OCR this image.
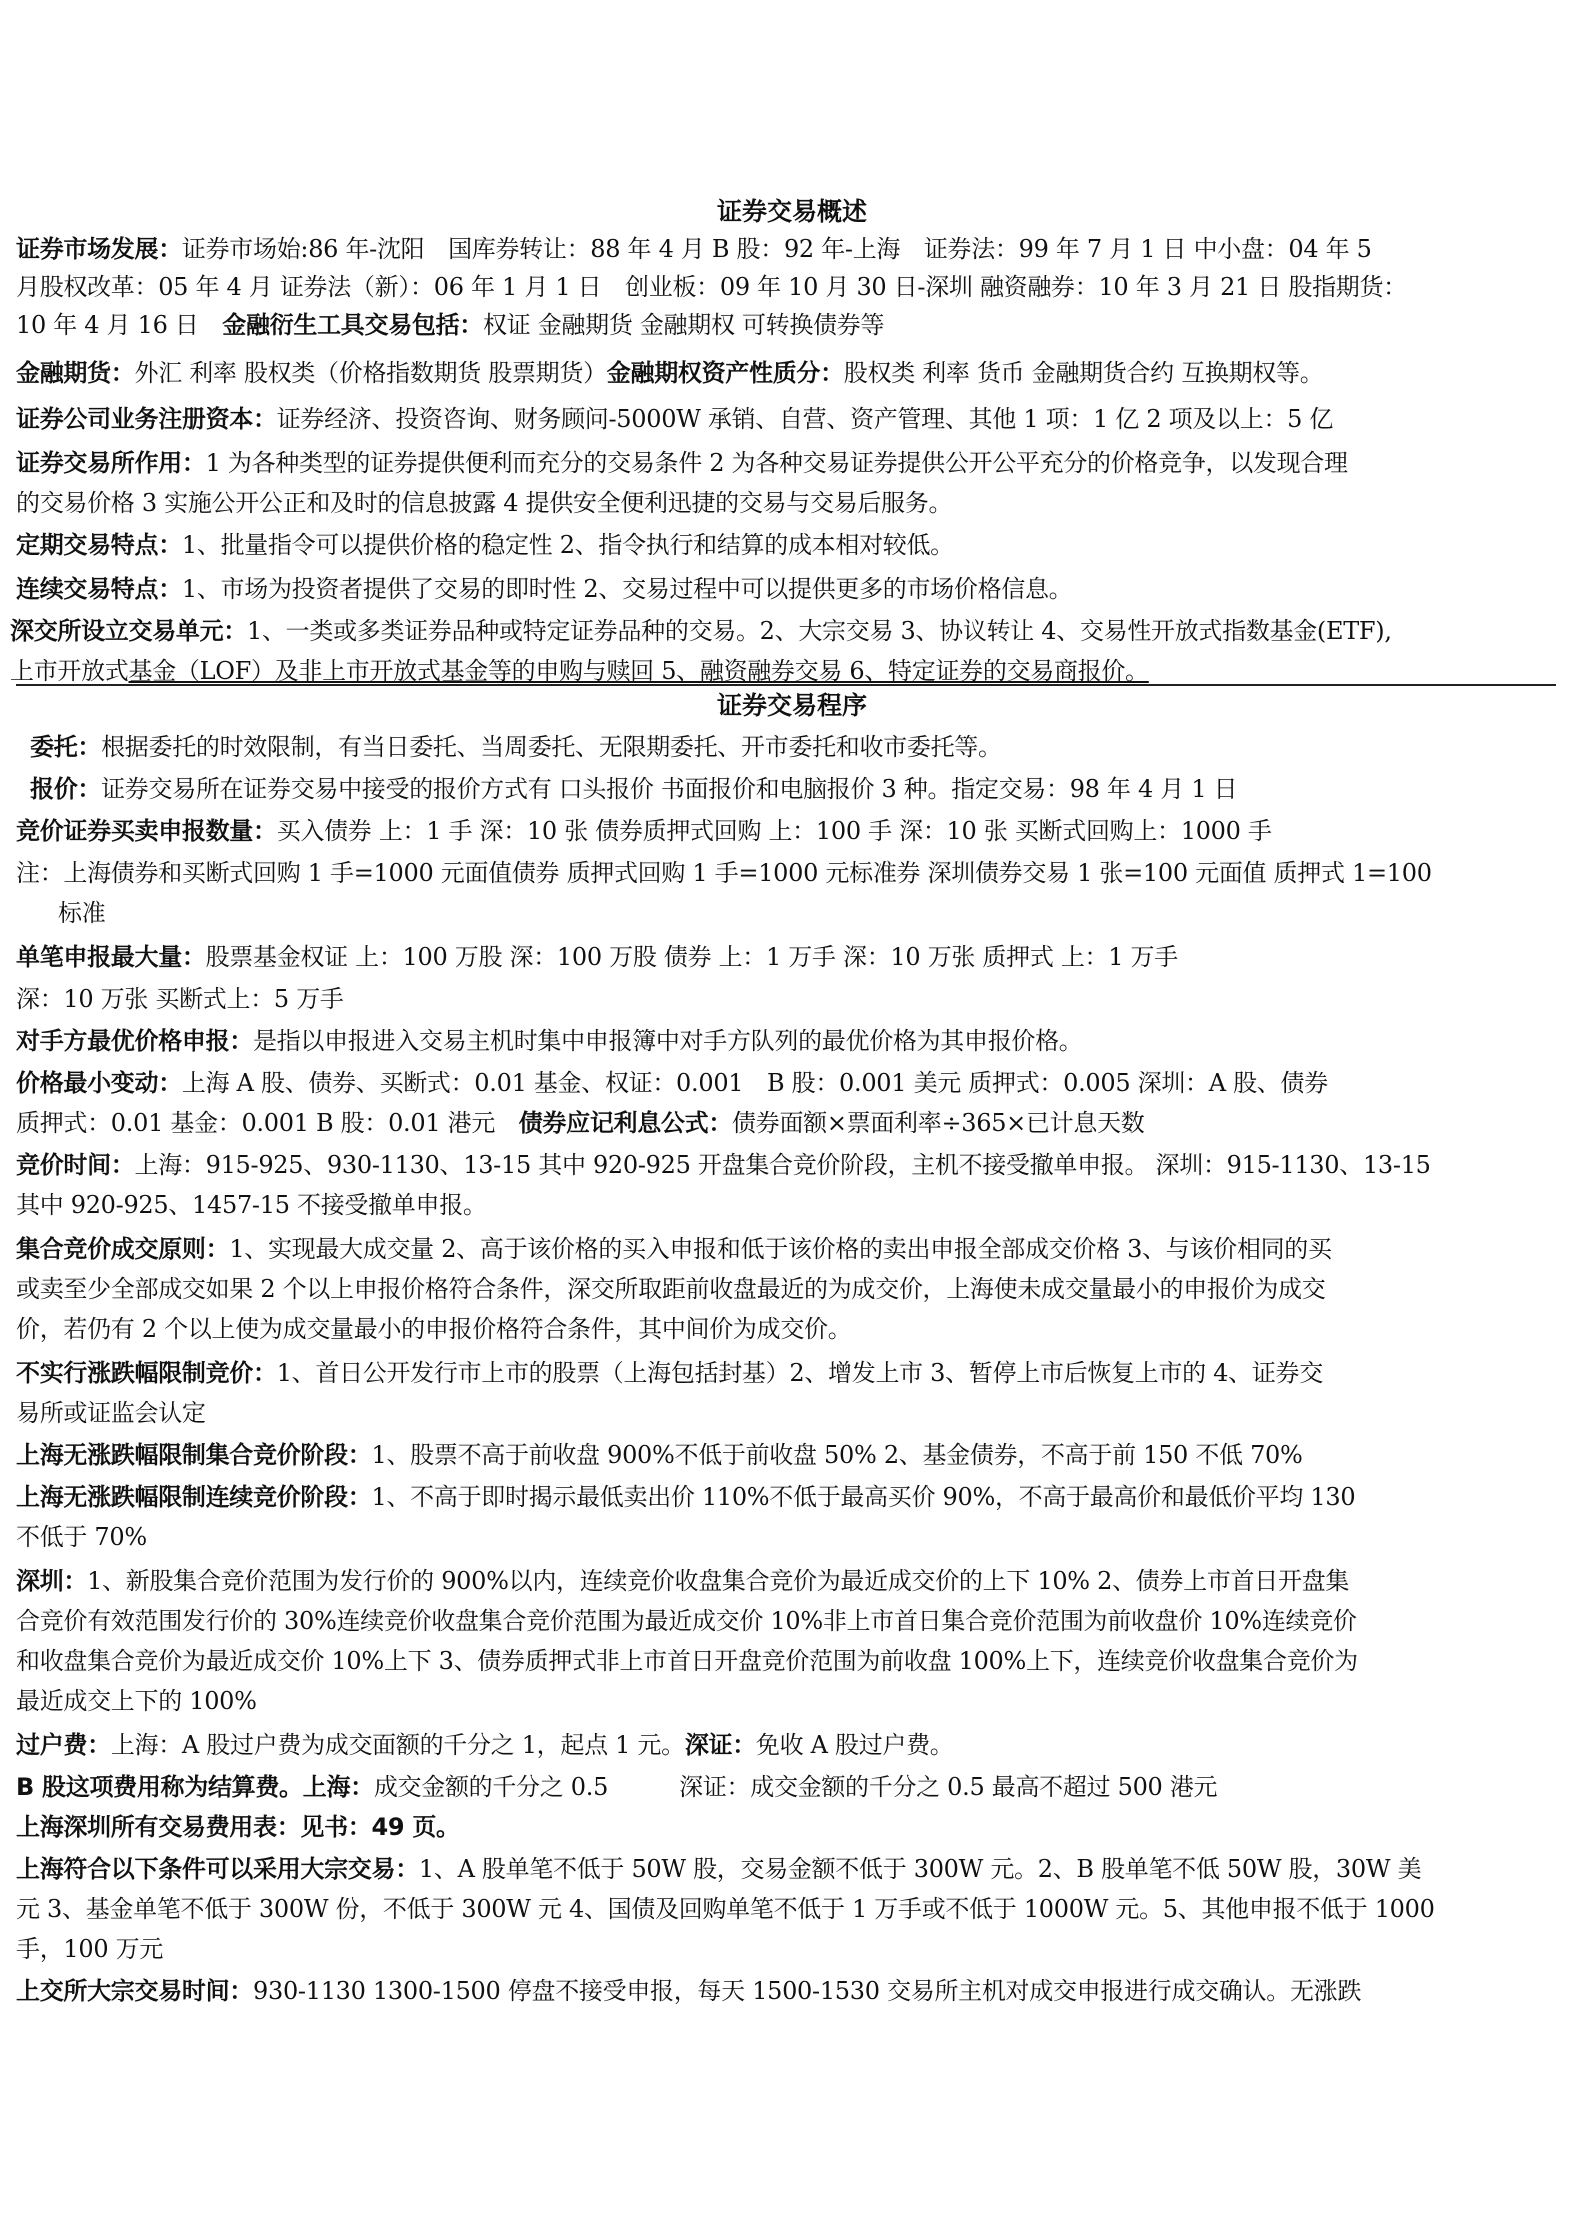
证券交易概述
证券市场发展：证券市场始:86 年-沈阳　国库券转让：88 年 4 月 B 股：92 年-上海　证券法：99 年 7 月 1 日 中小盘：04 年 5
月股权改革：05 年 4 月 证券法（新）：06 年 1 月 1 日　创业板：09 年 10 月 30 日-深圳 融资融券：10 年 3 月 21 日 股指期货：
10 年 4 月 16 日　金融衍生工具交易包括：权证 金融期货 金融期权 可转换债券等
金融期货：外汇 利率 股权类（价格指数期货 股票期货）金融期权资产性质分：股权类 利率 货币 金融期货合约 互换期权等。
证券公司业务注册资本：证券经济、投资咨询、财务顾问-5000W 承销、自营、资产管理、其他 1 项：1 亿 2 项及以上：5 亿
证券交易所作用：1 为各种类型的证券提供便利而充分的交易条件 2 为各种交易证券提供公开公平充分的价格竞争，以发现合理
的交易价格 3 实施公开公正和及时的信息披露 4 提供安全便利迅捷的交易与交易后服务。
定期交易特点：1、批量指令可以提供价格的稳定性 2、指令执行和结算的成本相对较低。
连续交易特点：1、市场为投资者提供了交易的即时性 2、交易过程中可以提供更多的市场价格信息。
深交所设立交易单元：1、一类或多类证券品种或特定证券品种的交易。2、大宗交易 3、协议转让 4、交易性开放式指数基金(ETF),
上市开放式基金（LOF）及非上市开放式基金等的申购与赎回 5、融资融券交易 6、特定证券的交易商报价。
证券交易程序
委托：根据委托的时效限制，有当日委托、当周委托、无限期委托、开市委托和收市委托等。
报价：证券交易所在证券交易中接受的报价方式有 口头报价 书面报价和电脑报价 3 种。指定交易：98 年 4 月 1 日
竞价证券买卖申报数量：买入债券 上：1 手 深：10 张 债券质押式回购 上：100 手 深：10 张 买断式回购上：1000 手
注：上海债券和买断式回购 1 手=1000 元面值债券 质押式回购 1 手=1000 元标准券 深圳债券交易 1 张=100 元面值 质押式 1=100
标准
单笔申报最大量：股票基金权证 上：100 万股 深：100 万股 债券 上：1 万手 深：10 万张 质押式 上：1 万手
深：10 万张 买断式上：5 万手
对手方最优价格申报：是指以申报进入交易主机时集中申报簿中对手方队列的最优价格为其申报价格。
价格最小变动：上海 A 股、债券、买断式：0.01 基金、权证：0.001　B 股：0.001 美元 质押式：0.005 深圳：A 股、债券
质押式：0.01 基金：0.001 B 股：0.01 港元　债券应记利息公式：债券面额×票面利率÷365×已计息天数
竞价时间：上海：915-925、930-1130、13-15 其中 920-925 开盘集合竞价阶段，主机不接受撤单申报。 深圳：915-1130、13-15
其中 920-925、1457-15 不接受撤单申报。
集合竞价成交原则：1、实现最大成交量 2、高于该价格的买入申报和低于该价格的卖出申报全部成交价格 3、与该价相同的买
或卖至少全部成交如果 2 个以上申报价格符合条件，深交所取距前收盘最近的为成交价，上海使未成交量最小的申报价为成交
价，若仍有 2 个以上使为成交量最小的申报价格符合条件，其中间价为成交价。
不实行涨跌幅限制竞价：1、首日公开发行市上市的股票（上海包括封基）2、增发上市 3、暂停上市后恢复上市的 4、证券交
易所或证监会认定
上海无涨跌幅限制集合竞价阶段：1、股票不高于前收盘 900%不低于前收盘 50% 2、基金债券，不高于前 150 不低 70%
上海无涨跌幅限制连续竞价阶段：1、不高于即时揭示最低卖出价 110%不低于最高买价 90%，不高于最高价和最低价平均 130
不低于 70%
深圳：1、新股集合竞价范围为发行价的 900%以内，连续竞价收盘集合竞价为最近成交价的上下 10% 2、债券上市首日开盘集
合竞价有效范围发行价的 30%连续竞价收盘集合竞价范围为最近成交价 10%非上市首日集合竞价范围为前收盘价 10%连续竞价
和收盘集合竞价为最近成交价 10%上下 3、债券质押式非上市首日开盘竞价范围为前收盘 100%上下，连续竞价收盘集合竞价为
最近成交上下的 100%
过户费：上海：A 股过户费为成交面额的千分之 1，起点 1 元。深证：免收 A 股过户费。
B 股这项费用称为结算费。上海：成交金额的千分之 0.5　　　深证：成交金额的千分之 0.5 最高不超过 500 港元
上海深圳所有交易费用表：见书：49 页。
上海符合以下条件可以采用大宗交易：1、A 股单笔不低于 50W 股，交易金额不低于 300W 元。2、B 股单笔不低 50W 股，30W 美
元 3、基金单笔不低于 300W 份，不低于 300W 元 4、国债及回购单笔不低于 1 万手或不低于 1000W 元。5、其他申报不低于 1000
手，100 万元
上交所大宗交易时间：930-1130 1300-1500 停盘不接受申报，每天 1500-1530 交易所主机对成交申报进行成交确认。无涨跌
